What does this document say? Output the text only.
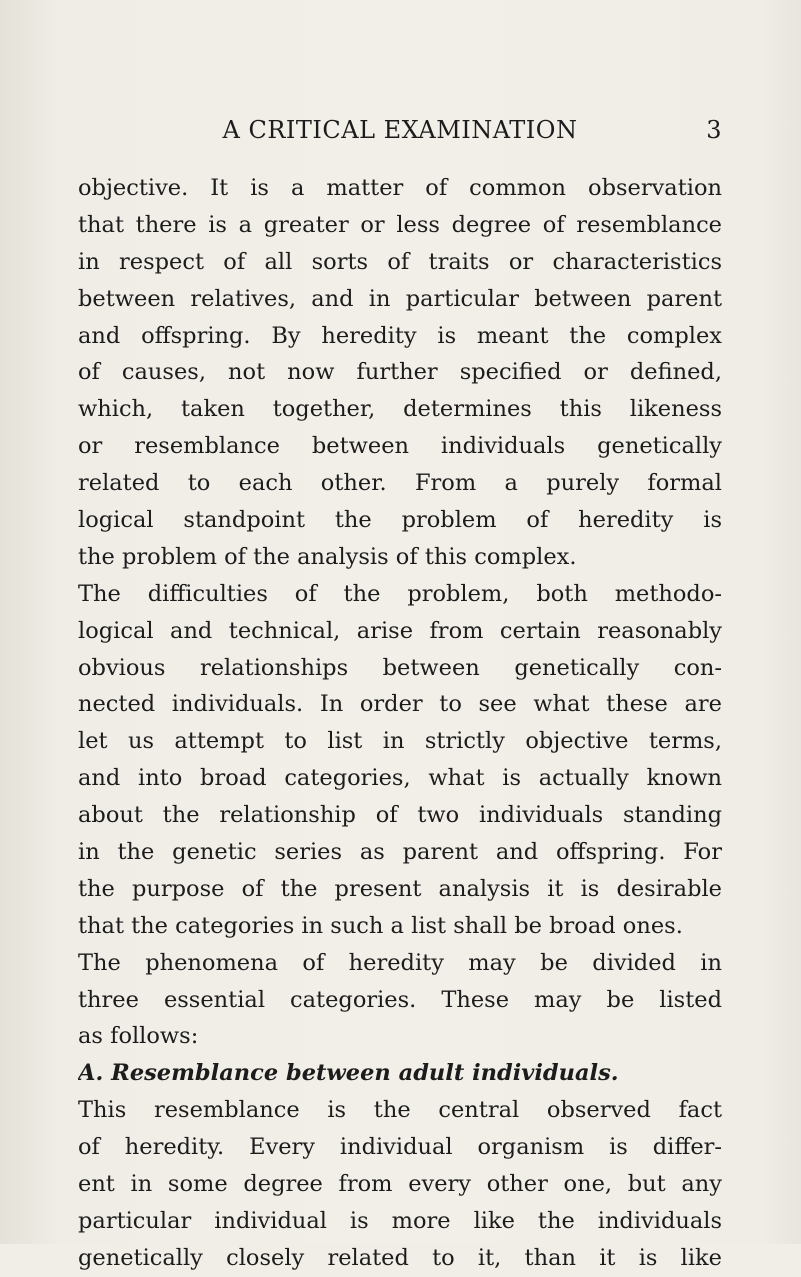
A CRITICAL EXAMINATION	3
objective. It is a matter of common observation
that there is a greater or less degree of resemblance
in respect of all sorts of traits or characteristics
between relatives, and in particular between parent
and offspring. By heredity is meant the complex
of causes, not now further specified or defined,
which, taken together, determines this likeness
or resemblance between individuals genetically
related to each other. From a purely formal
logical standpoint the problem of heredity is
the problem of the analysis of this complex.
The difficulties of the problem, both methodo-
logical and technical, arise from certain reasonably
obvious relationships between genetically con-
nected individuals. In order to see what these are
let us attempt to list in strictly objective terms,
and into broad categories, what is actually known
about the relationship of two individuals standing
in the genetic series as parent and offspring. For
the purpose of the present analysis it is desirable
that the categories in such a list shall be broad ones.
The phenomena of heredity may be divided in
three essential categories. These may be listed
as follows:
A. Resemblance between adult individuals.
This resemblance is the central observed fact
of heredity. Every individual organism is differ-
ent in some degree from every other one, but any
particular individual is more like the individuals
genetically closely related to it, than it is like
